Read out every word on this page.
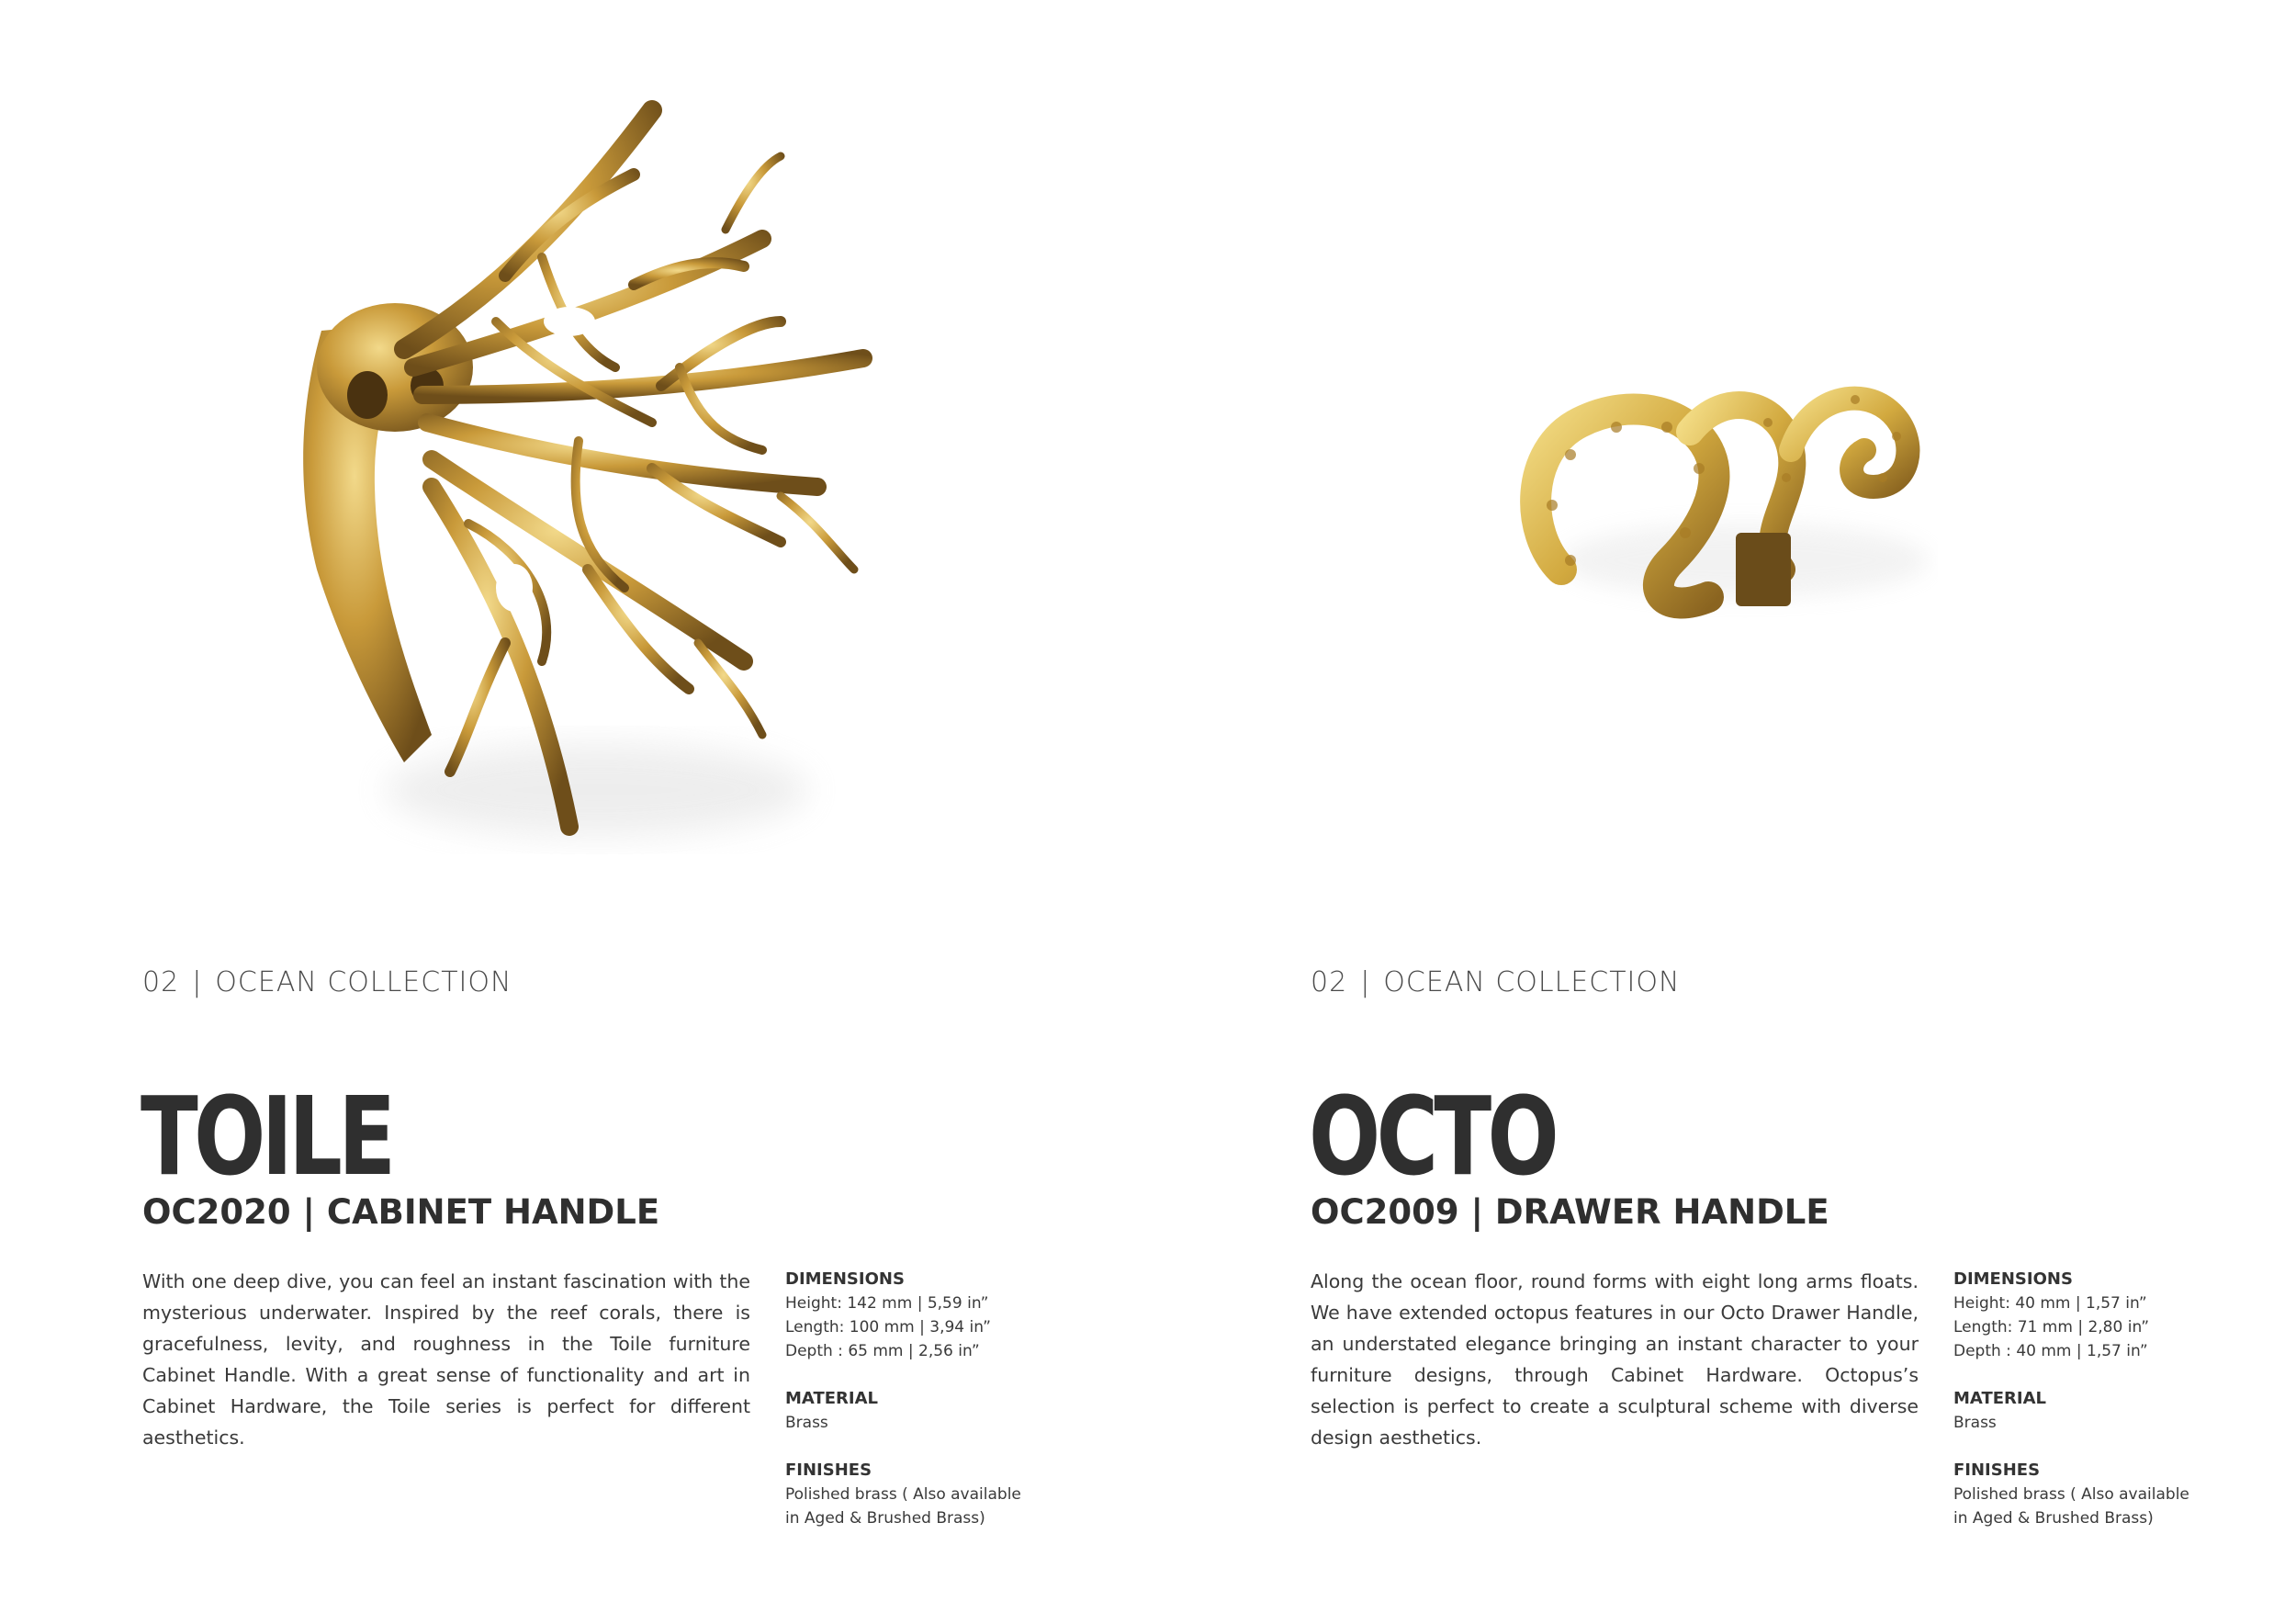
02 | OCEAN COLLECTION
TOILE
OC2020 | CABINET HANDLE

With one deep dive, you can feel an instant fascination with the mysterious underwater. Inspired by the reef corals, there is gracefulness, levity, and roughness in the Toile furniture Cabinet Handle. With a great sense of functionality and art in Cabinet Hardware, the Toile series is perfect for different aesthetics.

DIMENSIONS
Height: 142 mm | 5,59 in”
Length: 100 mm | 3,94 in”
Depth : 65 mm | 2,56 in”
MATERIAL
Brass
FINISHES
Polished brass ( Also available
in Aged & Brushed Brass)
02 | OCEAN COLLECTION
OCTO
OC2009 | DRAWER HANDLE

Along the ocean floor, round forms with eight long arms floats. We have extended octopus features in our Octo Drawer Handle, an understated elegance bringing an instant character to your furniture designs, through Cabinet Hardware. Octopus’s selection is perfect to create a sculptural scheme with diverse design aesthetics.

DIMENSIONS
Height: 40 mm | 1,57 in”
Length: 71 mm | 2,80 in”
Depth : 40 mm | 1,57 in”
MATERIAL
Brass
FINISHES
Polished brass ( Also available
in Aged & Brushed Brass)
